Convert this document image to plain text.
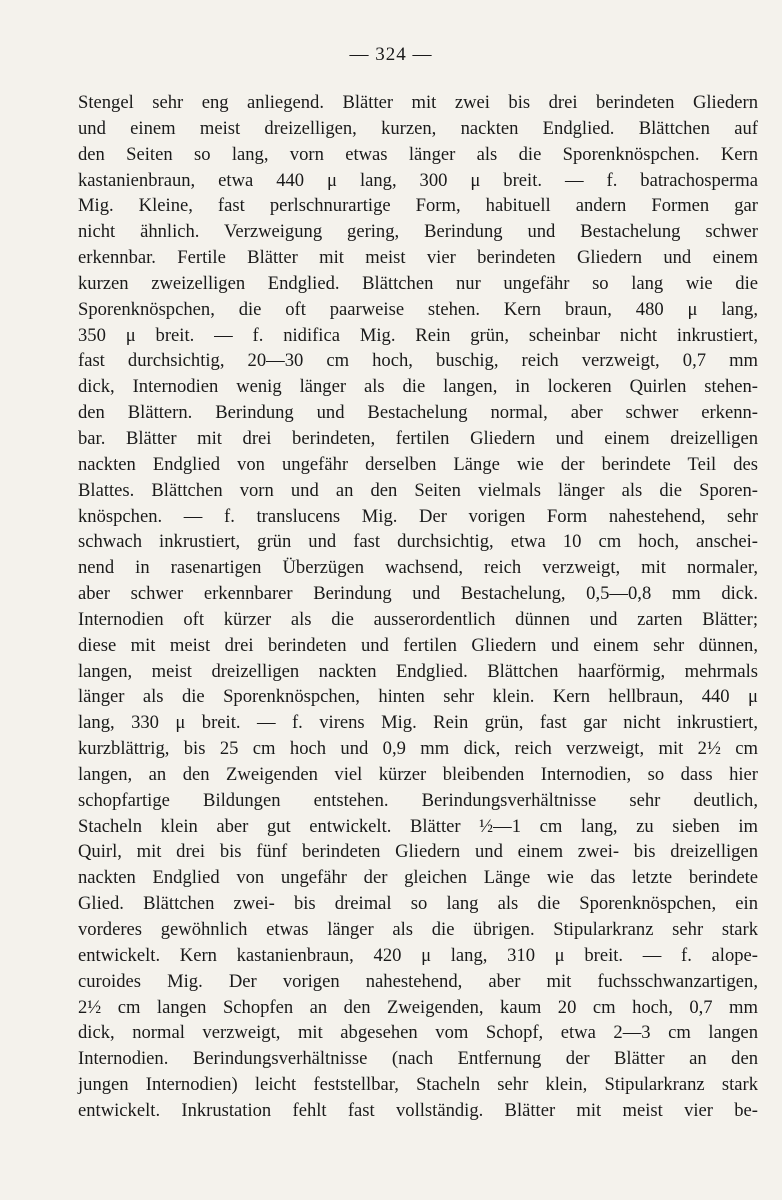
— 324 —
Stengel sehr eng anliegend. Blätter mit zwei bis drei berindeten Gliedern
und einem meist dreizelligen, kurzen, nackten Endglied. Blättchen auf
den Seiten so lang, vorn etwas länger als die Sporenknöspchen. Kern
kastanienbraun, etwa 440 μ lang, 300 μ breit. — f. batrachosperma
Mig. Kleine, fast perlschnurartige Form, habituell andern Formen gar
nicht ähnlich. Verzweigung gering, Berindung und Bestachelung schwer
erkennbar. Fertile Blätter mit meist vier berindeten Gliedern und einem
kurzen zweizelligen Endglied. Blättchen nur ungefähr so lang wie die
Sporenknöspchen, die oft paarweise stehen. Kern braun, 480 μ lang,
350 μ breit. — f. nidifica Mig. Rein grün, scheinbar nicht inkrustiert,
fast durchsichtig, 20—30 cm hoch, buschig, reich verzweigt, 0,7 mm
dick, Internodien wenig länger als die langen, in lockeren Quirlen stehen-
den Blättern. Berindung und Bestachelung normal, aber schwer erkenn-
bar. Blätter mit drei berindeten, fertilen Gliedern und einem dreizelligen
nackten Endglied von ungefähr derselben Länge wie der berindete Teil des
Blattes. Blättchen vorn und an den Seiten vielmals länger als die Sporen-
knöspchen. — f. translucens Mig. Der vorigen Form nahestehend, sehr
schwach inkrustiert, grün und fast durchsichtig, etwa 10 cm hoch, anschei-
nend in rasenartigen Überzügen wachsend, reich verzweigt, mit normaler,
aber schwer erkennbarer Berindung und Bestachelung, 0,5—0,8 mm dick.
Internodien oft kürzer als die ausserordentlich dünnen und zarten Blätter;
diese mit meist drei berindeten und fertilen Gliedern und einem sehr dünnen,
langen, meist dreizelligen nackten Endglied. Blättchen haarförmig, mehrmals
länger als die Sporenknöspchen, hinten sehr klein. Kern hellbraun, 440 μ
lang, 330 μ breit. — f. virens Mig. Rein grün, fast gar nicht inkrustiert,
kurzblättrig, bis 25 cm hoch und 0,9 mm dick, reich verzweigt, mit 2½ cm
langen, an den Zweigenden viel kürzer bleibenden Internodien, so dass hier
schopfartige Bildungen entstehen. Berindungsverhältnisse sehr deutlich,
Stacheln klein aber gut entwickelt. Blätter ½—1 cm lang, zu sieben im
Quirl, mit drei bis fünf berindeten Gliedern und einem zwei- bis dreizelligen
nackten Endglied von ungefähr der gleichen Länge wie das letzte berindete
Glied. Blättchen zwei- bis dreimal so lang als die Sporenknöspchen, ein
vorderes gewöhnlich etwas länger als die übrigen. Stipularkranz sehr stark
entwickelt. Kern kastanienbraun, 420 μ lang, 310 μ breit. — f. alope-
curoides Mig. Der vorigen nahestehend, aber mit fuchsschwanzartigen,
2½ cm langen Schopfen an den Zweigenden, kaum 20 cm hoch, 0,7 mm
dick, normal verzweigt, mit abgesehen vom Schopf, etwa 2—3 cm langen
Internodien. Berindungsverhältnisse (nach Entfernung der Blätter an den
jungen Internodien) leicht feststellbar, Stacheln sehr klein, Stipularkranz stark
entwickelt. Inkrustation fehlt fast vollständig. Blätter mit meist vier be-
